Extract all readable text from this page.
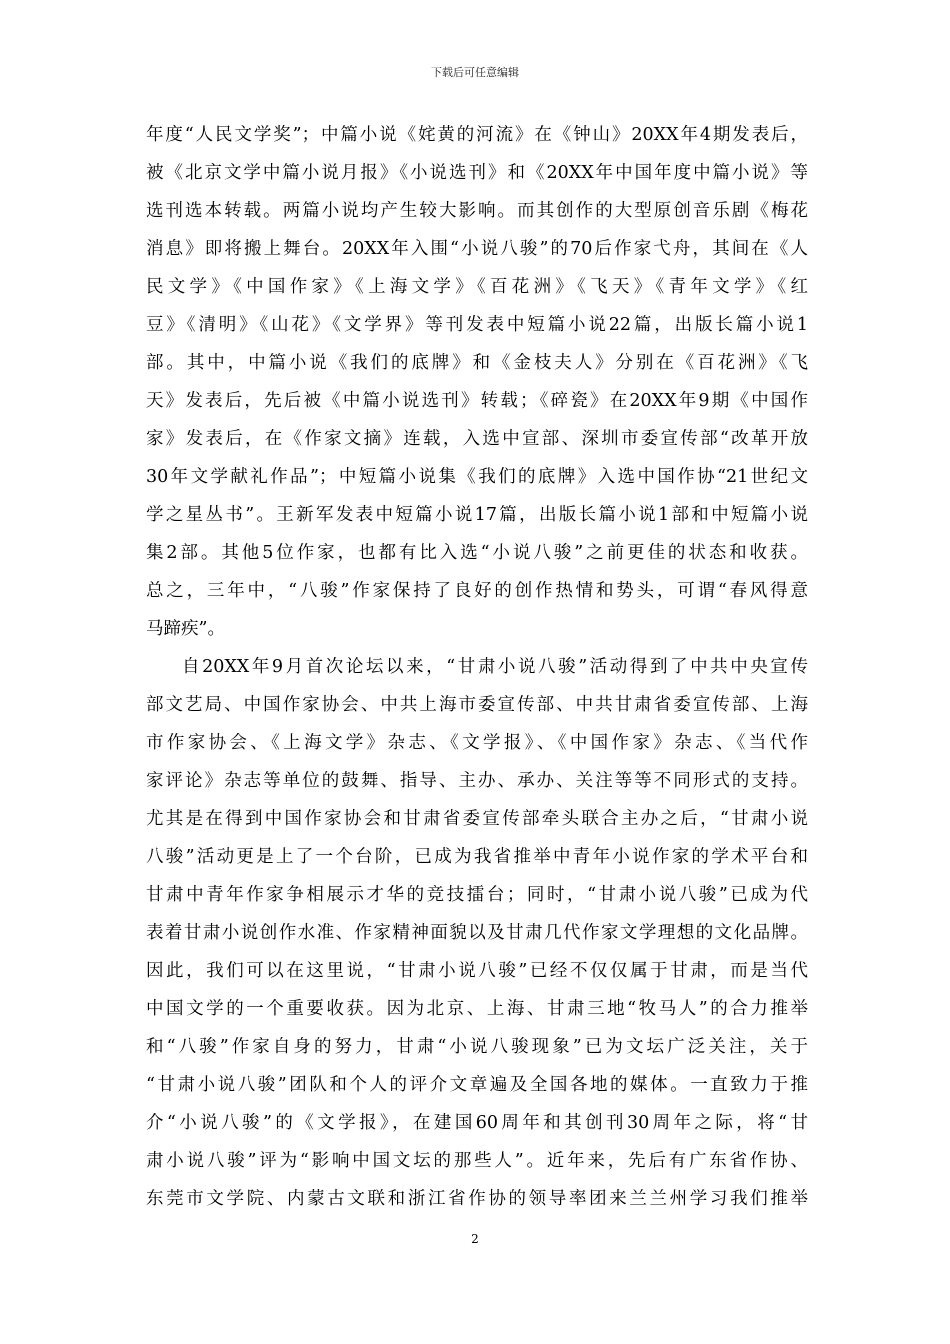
下载后可任意编辑
年度“人民文学奖”；中篇小说《姹黄的河流》在《钟山》20XX年4期发表后，
被《北京文学中篇小说月报》《小说选刊》和《20XX年中国年度中篇小说》等
选刊选本转载。两篇小说均产生较大影响。而其创作的大型原创音乐剧《梅花
消息》即将搬上舞台。20XX年入围“小说八骏”的70后作家弋舟，其间在《人
民文学》《中国作家》《上海文学》《百花洲》《飞天》《青年文学》《红
豆》《清明》《山花》《文学界》等刊发表中短篇小说22篇，出版长篇小说1
部。其中，中篇小说《我们的底牌》和《金枝夫人》分别在《百花洲》《飞
天》发表后，先后被《中篇小说选刊》转载；《碎瓷》在20XX年9期《中国作
家》发表后，在《作家文摘》连载，入选中宣部、深圳市委宣传部“改革开放
30年文学献礼作品”；中短篇小说集《我们的底牌》入选中国作协“21世纪文
学之星丛书”。王新军发表中短篇小说17篇，出版长篇小说1部和中短篇小说
集2部。其他5位作家，也都有比入选“小说八骏”之前更佳的状态和收获。
总之，三年中，“八骏”作家保持了良好的创作热情和势头，可谓“春风得意
马蹄疾”。
自20XX年9月首次论坛以来，“甘肃小说八骏”活动得到了中共中央宣传
部文艺局、中国作家协会、中共上海市委宣传部、中共甘肃省委宣传部、上海
市作家协会、《上海文学》杂志、《文学报》、《中国作家》杂志、《当代作
家评论》杂志等单位的鼓舞、指导、主办、承办、关注等等不同形式的支持。
尤其是在得到中国作家协会和甘肃省委宣传部牵头联合主办之后，“甘肃小说
八骏”活动更是上了一个台阶，已成为我省推举中青年小说作家的学术平台和
甘肃中青年作家争相展示才华的竞技擂台；同时，“甘肃小说八骏”已成为代
表着甘肃小说创作水准、作家精神面貌以及甘肃几代作家文学理想的文化品牌。
因此，我们可以在这里说，“甘肃小说八骏”已经不仅仅属于甘肃，而是当代
中国文学的一个重要收获。因为北京、上海、甘肃三地“牧马人”的合力推举
和“八骏”作家自身的努力，甘肃“小说八骏现象”已为文坛广泛关注，关于
“甘肃小说八骏”团队和个人的评介文章遍及全国各地的媒体。一直致力于推
介“小说八骏”的《文学报》，在建国60周年和其创刊30周年之际，将“甘
肃小说八骏”评为“影响中国文坛的那些人”。近年来，先后有广东省作协、
东莞市文学院、内蒙古文联和浙江省作协的领导率团来兰兰州学习我们推举
2
